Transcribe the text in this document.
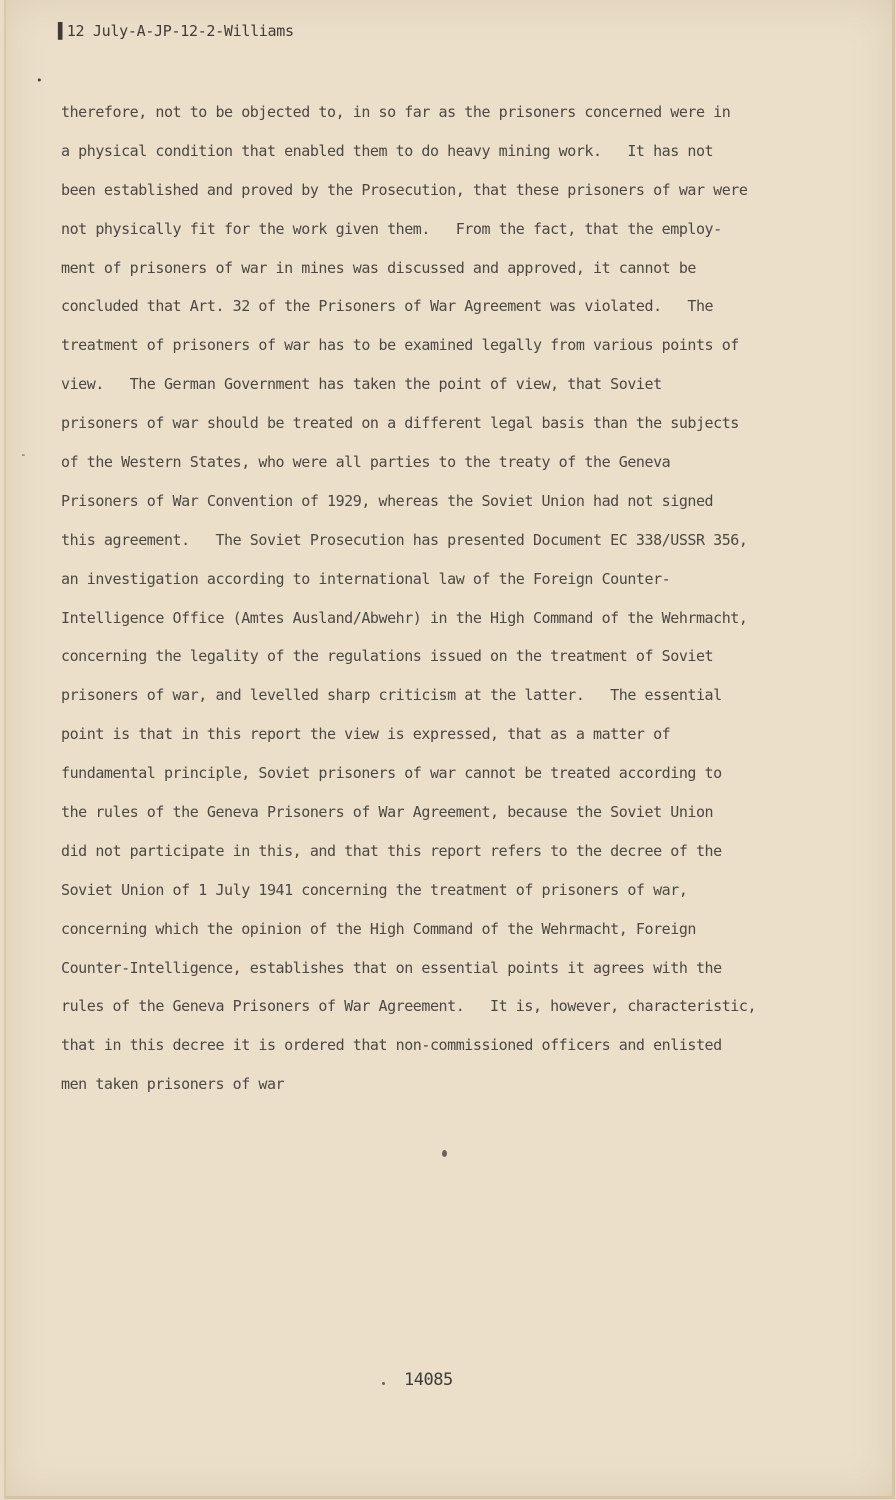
▌12 July-A-JP-12-2-Williams
•
-
therefore, not to be objected to, in so far as the prisoners concerned were in
a physical condition that enabled them to do heavy mining work.   It has not
been established and proved by the Prosecution, that these prisoners of war were
not physically fit for the work given them.   From the fact, that the employ-
ment of prisoners of war in mines was discussed and approved, it cannot be
concluded that Art. 32 of the Prisoners of War Agreement was violated.   The
treatment of prisoners of war has to be examined legally from various points of
view.   The German Government has taken the point of view, that Soviet
prisoners of war should be treated on a different legal basis than the subjects
of the Western States, who were all parties to the treaty of the Geneva
Prisoners of War Convention of 1929, whereas the Soviet Union had not signed
this agreement.   The Soviet Prosecution has presented Document EC 338/USSR 356,
an investigation according to international law of the Foreign Counter-
Intelligence Office (Amtes Ausland/Abwehr) in the High Command of the Wehrmacht,
concerning the legality of the regulations issued on the treatment of Soviet
prisoners of war, and levelled sharp criticism at the latter.   The essential
point is that in this report the view is expressed, that as a matter of
fundamental principle, Soviet prisoners of war cannot be treated according to
the rules of the Geneva Prisoners of War Agreement, because the Soviet Union
did not participate in this, and that this report refers to the decree of the
Soviet Union of 1 July 1941 concerning the treatment of prisoners of war,
concerning which the opinion of the High Command of the Wehrmacht, Foreign
Counter-Intelligence, establishes that on essential points it agrees with the
rules of the Geneva Prisoners of War Agreement.   It is, however, characteristic,
that in this decree it is ordered that non-commissioned officers and enlisted
men taken prisoners of war
14085
